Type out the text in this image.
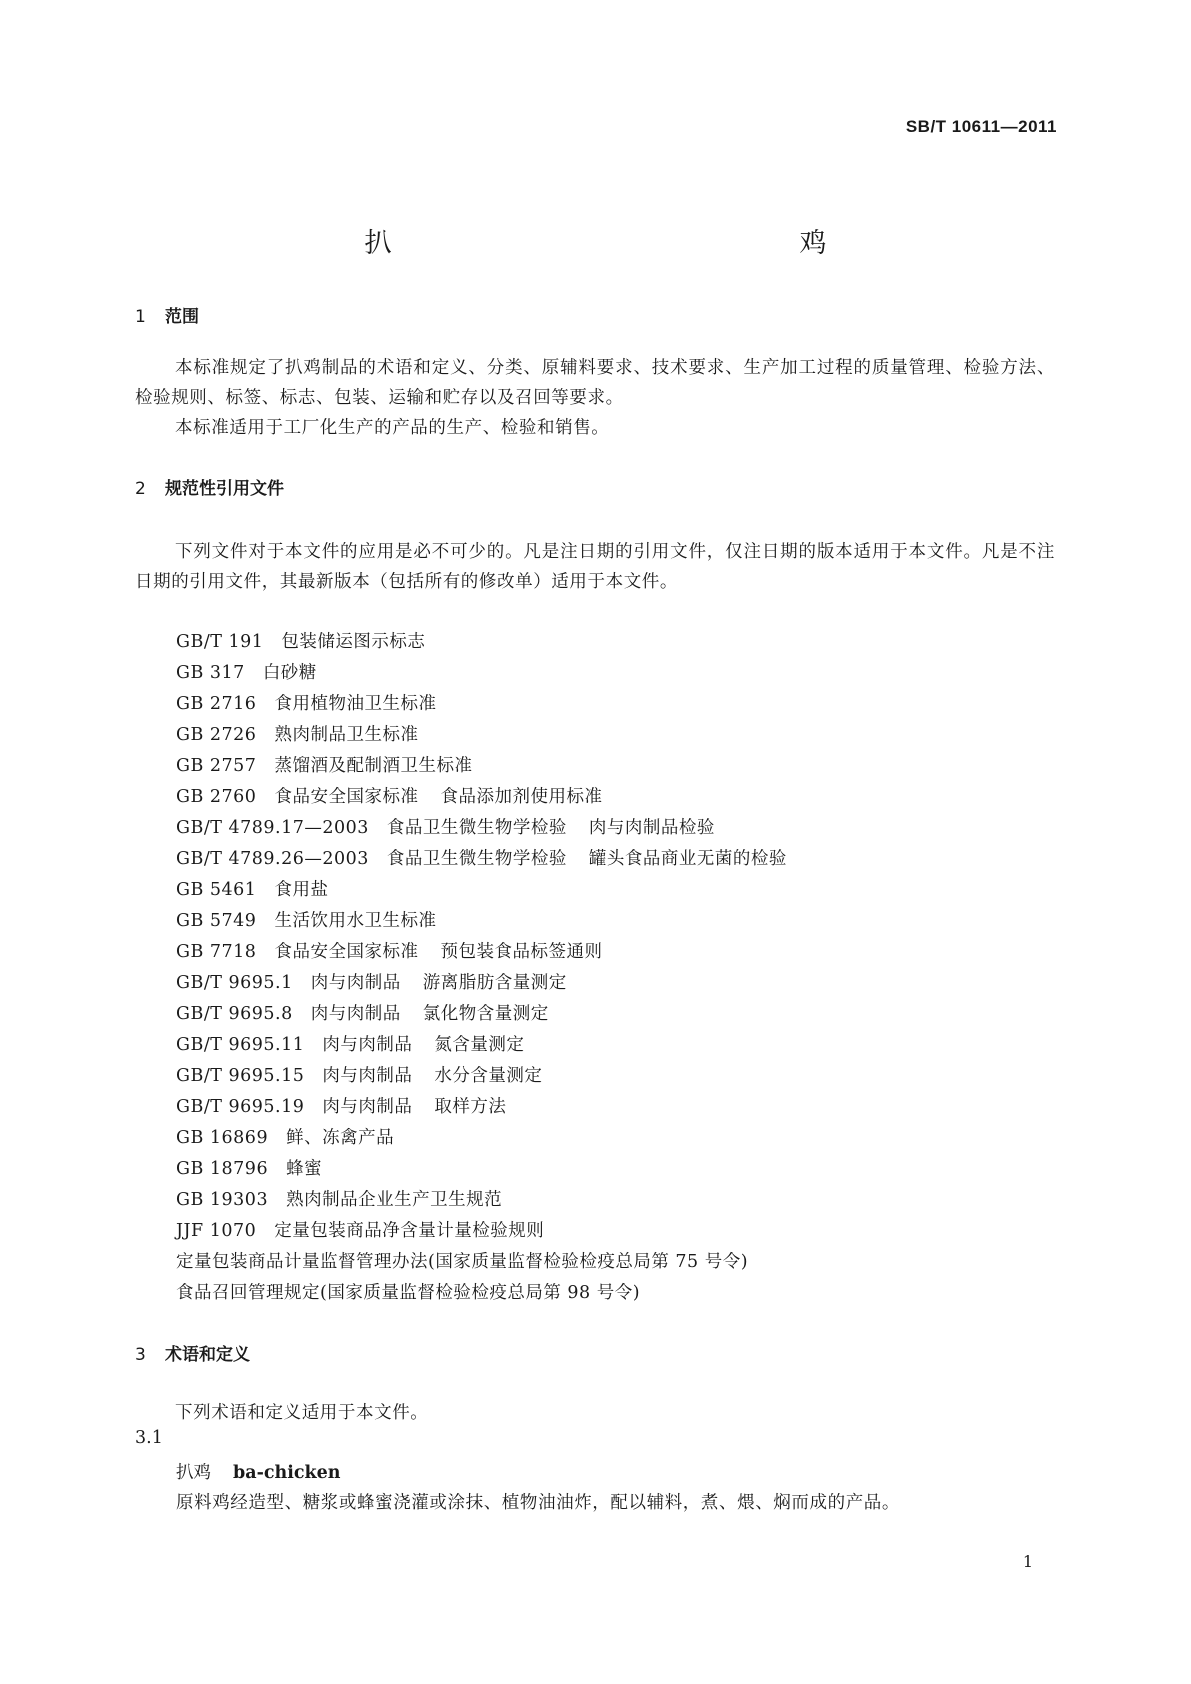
SB/T 10611—2011
扒　　鸡
1 范围
本标准规定了扒鸡制品的术语和定义、分类、原辅料要求、技术要求、生产加工过程的质量管理、检验方法、检验规则、标签、标志、包装、运输和贮存以及召回等要求。
本标准适用于工厂化生产的产品的生产、检验和销售。
2 规范性引用文件
下列文件对于本文件的应用是必不可少的。凡是注日期的引用文件，仅注日期的版本适用于本文件。凡是不注日期的引用文件，其最新版本（包括所有的修改单）适用于本文件。
GB/T 191 包装储运图示标志
GB 317 白砂糖
GB 2716 食用植物油卫生标准
GB 2726 熟肉制品卫生标准
GB 2757 蒸馏酒及配制酒卫生标准
GB 2760 食品安全国家标准 食品添加剂使用标准
GB/T 4789.17—2003 食品卫生微生物学检验 肉与肉制品检验
GB/T 4789.26—2003 食品卫生微生物学检验 罐头食品商业无菌的检验
GB 5461 食用盐
GB 5749 生活饮用水卫生标准
GB 7718 食品安全国家标准 预包装食品标签通则
GB/T 9695.1 肉与肉制品 游离脂肪含量测定
GB/T 9695.8 肉与肉制品 氯化物含量测定
GB/T 9695.11 肉与肉制品 氮含量测定
GB/T 9695.15 肉与肉制品 水分含量测定
GB/T 9695.19 肉与肉制品 取样方法
GB 16869 鲜、冻禽产品
GB 18796 蜂蜜
GB 19303 熟肉制品企业生产卫生规范
JJF 1070 定量包装商品净含量计量检验规则
定量包装商品计量监督管理办法(国家质量监督检验检疫总局第 75 号令)
食品召回管理规定(国家质量监督检验检疫总局第 98 号令)
3 术语和定义
下列术语和定义适用于本文件。
3.1
扒鸡 ba-chicken
原料鸡经造型、糖浆或蜂蜜浇灌或涂抹、植物油油炸，配以辅料，煮、煨、焖而成的产品。
1
